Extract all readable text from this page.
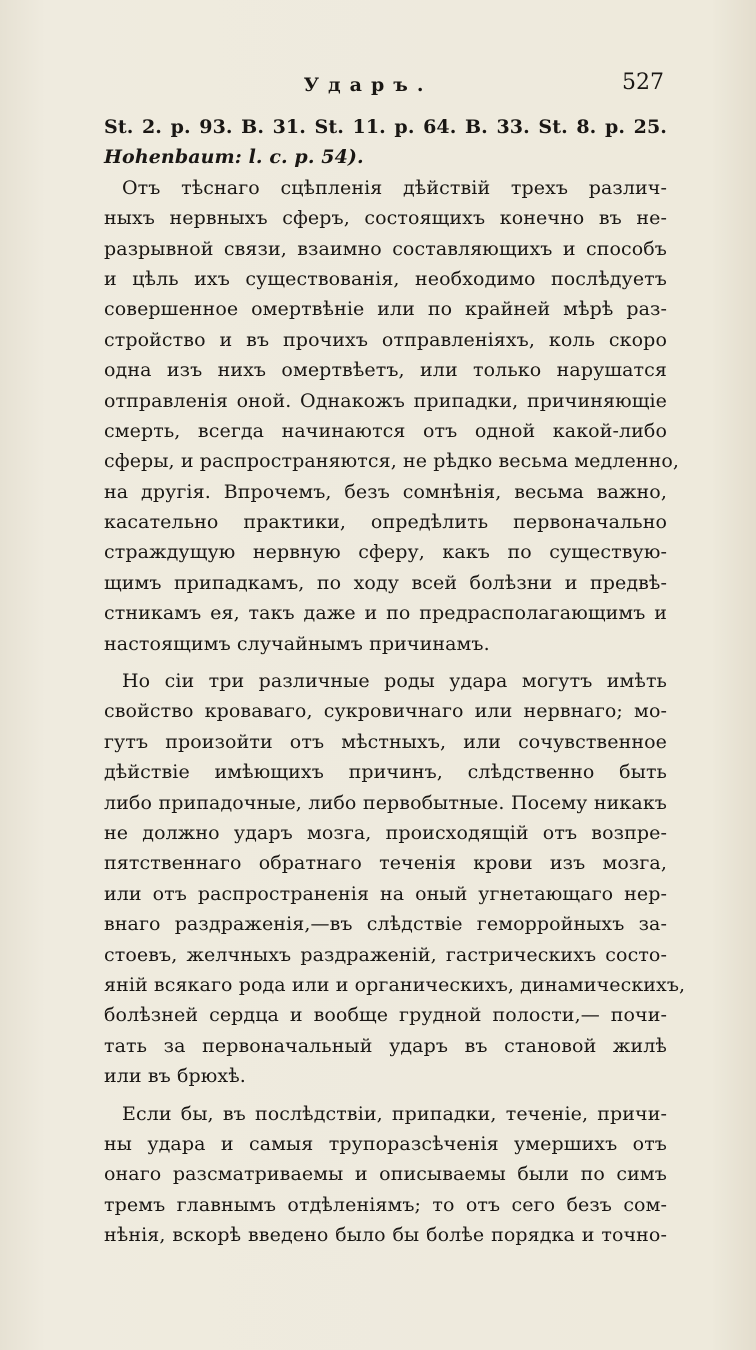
Ударъ.	527
St. 2. p. 93. B. 31. St. 11. p. 64. B. 33. St. 8. p. 25.
Hohenbaum: l. c. p. 54).
Отъ тѣснаго сцѣпленія дѣйствій трехъ различ-
ныхъ нервныхъ сферъ, состоящихъ конечно въ не-
разрывной связи, взаимно составляющихъ и способъ
и цѣль ихъ существованія, необходимо послѣдуетъ
совершенное омертвѣніе или по крайней мѣрѣ раз-
стройство и въ прочихъ отправленіяхъ, коль скоро
одна изъ нихъ омертвѣетъ, или только нарушатся
отправленія оной. Однакожъ припадки, причиняющіе
смерть, всегда начинаются отъ одной какой-либо
сферы, и распространяются, не рѣдко весьма медленно,
на другія. Впрочемъ, безъ сомнѣнія, весьма важно,
касательно практики, опредѣлить первоначально
страждущую нервную сферу, какъ по существую-
щимъ припадкамъ, по ходу всей болѣзни и предвѣ-
стникамъ ея, такъ даже и по предрасполагающимъ и
настоящимъ случайнымъ причинамъ.
Но сіи три различные роды удара могутъ имѣть
свойство кроваваго, сукровичнаго или нервнаго; мо-
гутъ произойти отъ мѣстныхъ, или сочувственное
дѣйствіе имѣющихъ причинъ, слѣдственно быть
либо припадочные, либо первобытные. Посему никакъ
не должно ударъ мозга, происходящій отъ возпре-
пятственнаго обратнаго теченія крови изъ мозга,
или отъ распространенія на оный угнетающаго нер-
внаго раздраженія,—въ слѣдствіе геморройныхъ за-
стоевъ, желчныхъ раздраженій, гастрическихъ состо-
яній всякаго рода или и органическихъ, динамическихъ,
болѣзней сердца и вообще грудной полости,— почи-
тать за первоначальный ударъ въ становой жилѣ
или въ брюхѣ.
Если бы, въ послѣдствіи, припадки, теченіе, причи-
ны удара и самыя трупоразсѣченія умершихъ отъ
онаго разсматриваемы и описываемы были по симъ
тремъ главнымъ отдѣленіямъ; то отъ сего безъ сом-
нѣнія, вскорѣ введено было бы болѣе порядка и точно-
